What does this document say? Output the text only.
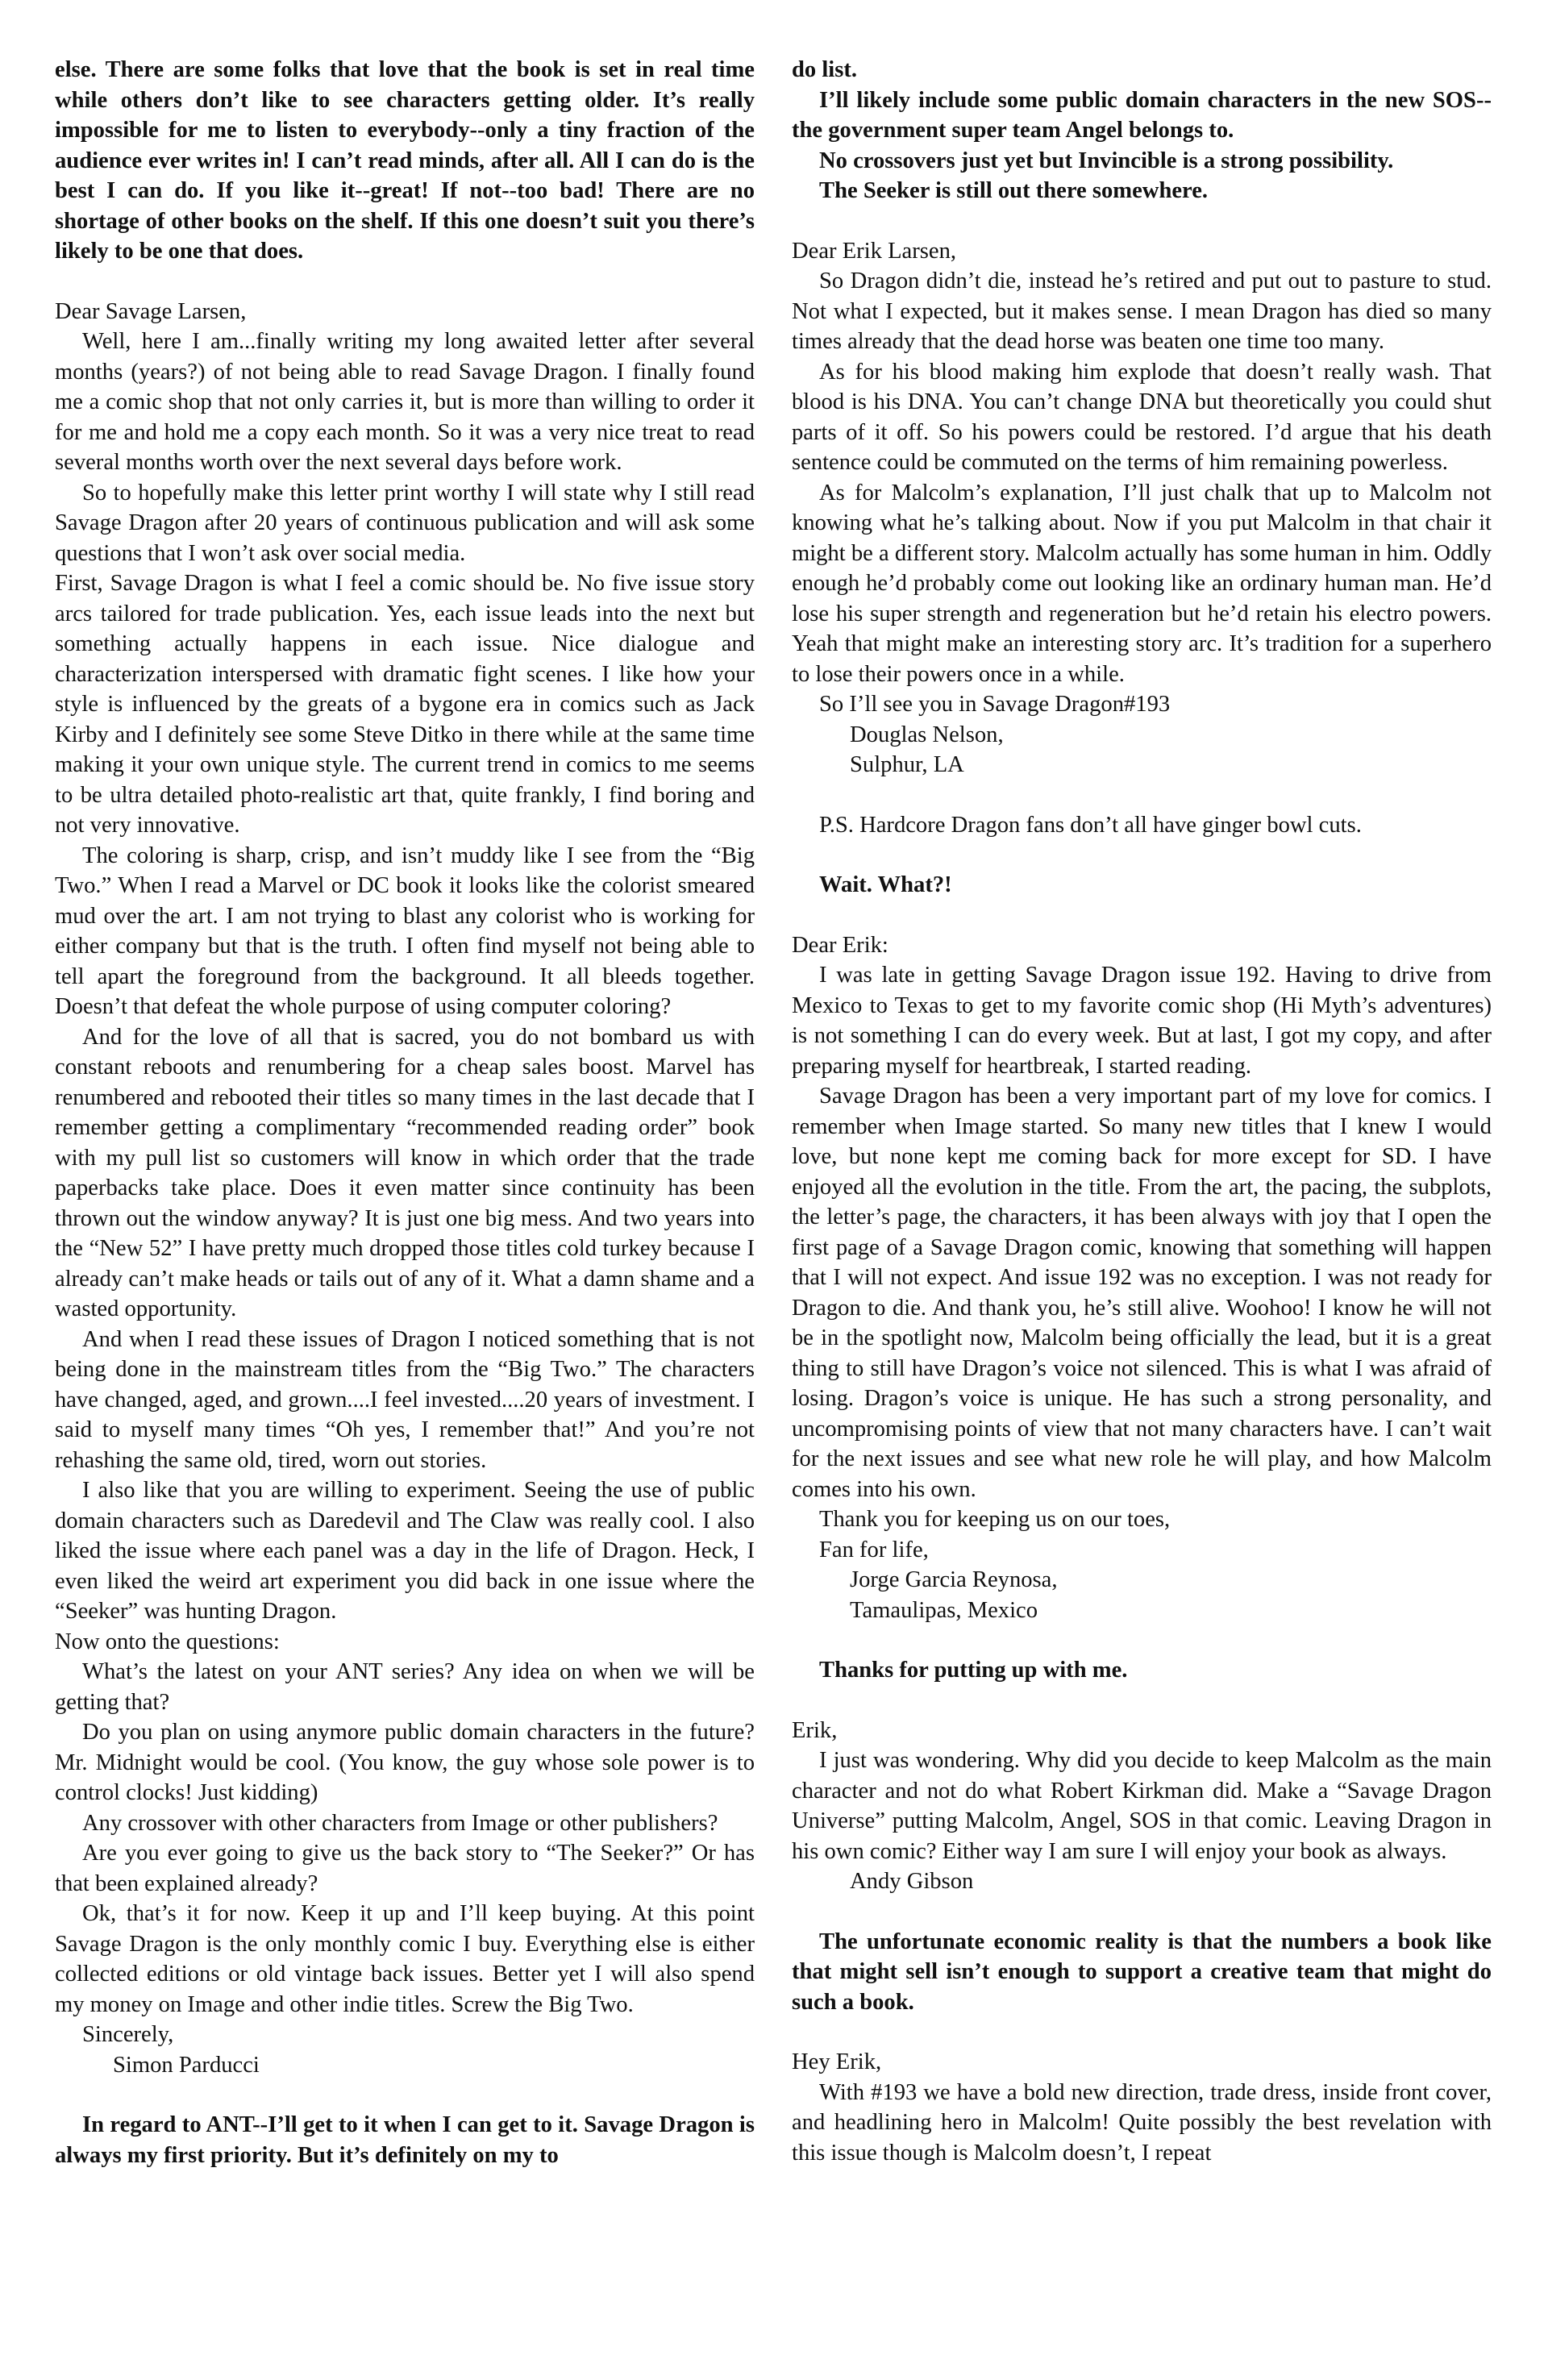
else. There are some folks that love that the book is set in real time while others don’t like to see characters getting older. It’s really impossible for me to listen to everybody--only a tiny fraction of the audience ever writes in! I can’t read minds, after all. All I can do is the best I can do. If you like it--great! If not--too bad! There are no shortage of other books on the shelf. If this one doesn’t suit you there’s likely to be one that does.

Dear Savage Larsen,

Well, here I am...finally writing my long awaited letter after several months (years?) of not being able to read Savage Dragon. I finally found me a comic shop that not only carries it, but is more than willing to order it for me and hold me a copy each month. So it was a very nice treat to read several months worth over the next several days before work.

So to hopefully make this letter print worthy I will state why I still read Savage Dragon after 20 years of continuous publication and will ask some questions that I won’t ask over social media.

First, Savage Dragon is what I feel a comic should be. No five issue story arcs tailored for trade publication. Yes, each issue leads into the next but something actually happens in each issue. Nice dialogue and characterization interspersed with dramatic fight scenes. I like how your style is influenced by the greats of a bygone era in comics such as Jack Kirby and I definitely see some Steve Ditko in there while at the same time making it your own unique style. The current trend in comics to me seems to be ultra detailed photo-realistic art that, quite frankly, I find boring and not very innovative.

The coloring is sharp, crisp, and isn’t muddy like I see from the “Big Two.” When I read a Marvel or DC book it looks like the colorist smeared mud over the art. I am not trying to blast any colorist who is working for either company but that is the truth. I often find myself not being able to tell apart the foreground from the background. It all bleeds together. Doesn’t that defeat the whole purpose of using computer coloring?

And for the love of all that is sacred, you do not bombard us with constant reboots and renumbering for a cheap sales boost. Marvel has renumbered and rebooted their titles so many times in the last decade that I remember getting a complimentary “recommended reading order” book with my pull list so customers will know in which order that the trade paperbacks take place. Does it even matter since continuity has been thrown out the window anyway? It is just one big mess. And two years into the “New 52” I have pretty much dropped those titles cold turkey because I already can’t make heads or tails out of any of it. What a damn shame and a wasted opportunity.

And when I read these issues of Dragon I noticed something that is not being done in the mainstream titles from the “Big Two.” The characters have changed, aged, and grown....I feel invested....20 years of investment. I said to myself many times “Oh yes, I remember that!” And you’re not rehashing the same old, tired, worn out stories.

I also like that you are willing to experiment. Seeing the use of public domain characters such as Daredevil and The Claw was really cool. I also liked the issue where each panel was a day in the life of Dragon. Heck, I even liked the weird art experiment you did back in one issue where the “Seeker” was hunting Dragon.

Now onto the questions:

What’s the latest on your ANT series? Any idea on when we will be getting that?

Do you plan on using anymore public domain characters in the future? Mr. Midnight would be cool. (You know, the guy whose sole power is to control clocks! Just kidding)

Any crossover with other characters from Image or other publishers?

Are you ever going to give us the back story to “The Seeker?” Or has that been explained already?

Ok, that’s it for now. Keep it up and I’ll keep buying. At this point Savage Dragon is the only monthly comic I buy. Everything else is either collected editions or old vintage back issues. Better yet I will also spend my money on Image and other indie titles. Screw the Big Two.

Sincerely,

Simon Parducci

In regard to ANT--I’ll get to it when I can get to it. Savage Dragon is always my first priority. But it’s definitely on my to

do list.

I’ll likely include some public domain characters in the new SOS--the government super team Angel belongs to.

No crossovers just yet but Invincible is a strong possibility.

The Seeker is still out there somewhere.

Dear Erik Larsen,

So Dragon didn’t die, instead he’s retired and put out to pasture to stud. Not what I expected, but it makes sense. I mean Dragon has died so many times already that the dead horse was beaten one time too many.

As for his blood making him explode that doesn’t really wash. That blood is his DNA. You can’t change DNA but theoretically you could shut parts of it off. So his powers could be restored. I’d argue that his death sentence could be commuted on the terms of him remaining powerless.

As for Malcolm’s explanation, I’ll just chalk that up to Malcolm not knowing what he’s talking about. Now if you put Malcolm in that chair it might be a different story. Malcolm actually has some human in him. Oddly enough he’d probably come out looking like an ordinary human man. He’d lose his super strength and regeneration but he’d retain his electro powers. Yeah that might make an interesting story arc. It’s tradition for a superhero to lose their powers once in a while.

So I’ll see you in Savage Dragon#193

Douglas Nelson,

Sulphur, LA

P.S. Hardcore Dragon fans don’t all have ginger bowl cuts.

Wait. What?!

Dear Erik:

I was late in getting Savage Dragon issue 192. Having to drive from Mexico to Texas to get to my favorite comic shop (Hi Myth’s adventures) is not something I can do every week. But at last, I got my copy, and after preparing myself for heartbreak, I started reading.

Savage Dragon has been a very important part of my love for comics. I remember when Image started. So many new titles that I knew I would love, but none kept me coming back for more except for SD. I have enjoyed all the evolution in the title. From the art, the pacing, the subplots, the letter’s page, the characters, it has been always with joy that I open the first page of a Savage Dragon comic, knowing that something will happen that I will not expect. And issue 192 was no exception. I was not ready for Dragon to die. And thank you, he’s still alive. Woohoo! I know he will not be in the spotlight now, Malcolm being officially the lead, but it is a great thing to still have Dragon’s voice not silenced. This is what I was afraid of losing. Dragon’s voice is unique. He has such a strong personality, and uncompromising points of view that not many characters have. I can’t wait for the next issues and see what new role he will play, and how Malcolm comes into his own.

Thank you for keeping us on our toes,

Fan for life,

Jorge Garcia Reynosa,

Tamaulipas, Mexico

Thanks for putting up with me.

Erik,

I just was wondering. Why did you decide to keep Malcolm as the main character and not do what Robert Kirkman did. Make a “Savage Dragon Universe” putting Malcolm, Angel, SOS in that comic. Leaving Dragon in his own comic? Either way I am sure I will enjoy your book as always.

Andy Gibson

The unfortunate economic reality is that the numbers a book like that might sell isn’t enough to support a creative team that might do such a book.

Hey Erik,

With #193 we have a bold new direction, trade dress, inside front cover, and headlining hero in Malcolm! Quite possibly the best revelation with this issue though is Malcolm doesn’t, I repeat
